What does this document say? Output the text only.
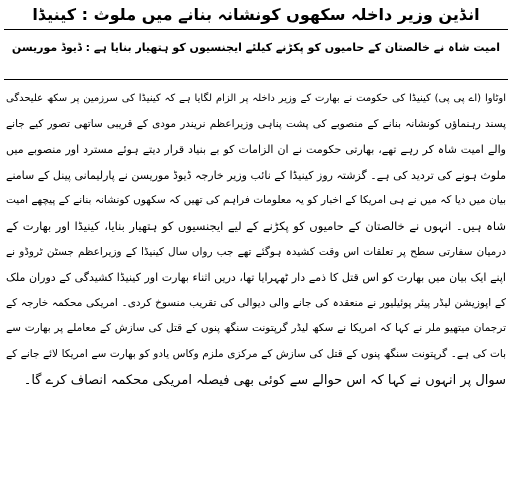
انڈین وزیر داخلہ سکھوں کونشانہ بنانے میں ملوث : کینیڈا
امیت شاہ نے خالصتان کے حامیوں کو پکڑنے کیلئے ایجنسیوں کو ہتھیار بنایا ہے : ڈیوڈ موریسن
اوٹاوا (اے پی پی) کینیڈا کی حکومت نے بھارت کے وزیر داخلہ پر الزام لگایا ہے کہ کینیڈا کی سرزمین پر سکھ علیحدگی
پسند رہنماؤں کونشانہ بنانے کے منصوبے کی پشت پناہی وزیراعظم نریندر مودی کے قریبی ساتھی تصور کیے جانے
والے امیت شاہ کر رہے تھے، بھارتی حکومت نے ان الزامات کو بے بنیاد قرار دیتے ہوئے مسترد اور منصوبے میں
ملوث ہونے کی تردید کی ہے۔ گزشتہ روز کینیڈا کے نائب وزیر خارجہ ڈیوڈ موریسن نے پارلیمانی پینل کے سامنے
بیان میں دیا کہ میں نے ہی امریکا کے اخبار کو یہ معلومات فراہم کی تھیں کہ سکھوں کونشانہ بنانے کے پیچھے امیت
شاہ ہیں۔ انہوں نے خالصتان کے حامیوں کو پکڑنے کے لیے ایجنسیوں کو ہتھیار بنایا، کینیڈا اور بھارت کے
درمیان سفارتی سطح پر تعلقات اس وقت کشیدہ ہوگئے تھے جب رواں سال کینیڈا کے وزیراعظم جسٹن ٹروڈو نے
اپنے ایک بیان میں بھارت کو اس قتل کا ذمے دار ٹھہرایا تھا، دریں اثناء بھارت اور کینیڈا کشیدگی کے دوران ملک
کے اپوزیشن لیڈر پیئر پوئیلیور نے منعقدہ کی جانے والی دیوالی کی تقریب منسوخ کردی۔ امریکی محکمہ خارجہ کے
ترجمان میتھیو ملر نے کہا کہ امریکا نے سکھ لیڈر گرپتونت سنگھ پنوں کے قتل کی سازش کے معاملے پر بھارت سے
بات کی ہے۔ گرپتونت سنگھ پنوں کے قتل کی سازش کے مرکزی ملزم وکاس یادو کو بھارت سے امریکا لائے جانے کے
سوال پر انہوں نے کہا کہ اس حوالے سے کوئی بھی فیصلہ امریکی محکمہ انصاف کرے گا۔
